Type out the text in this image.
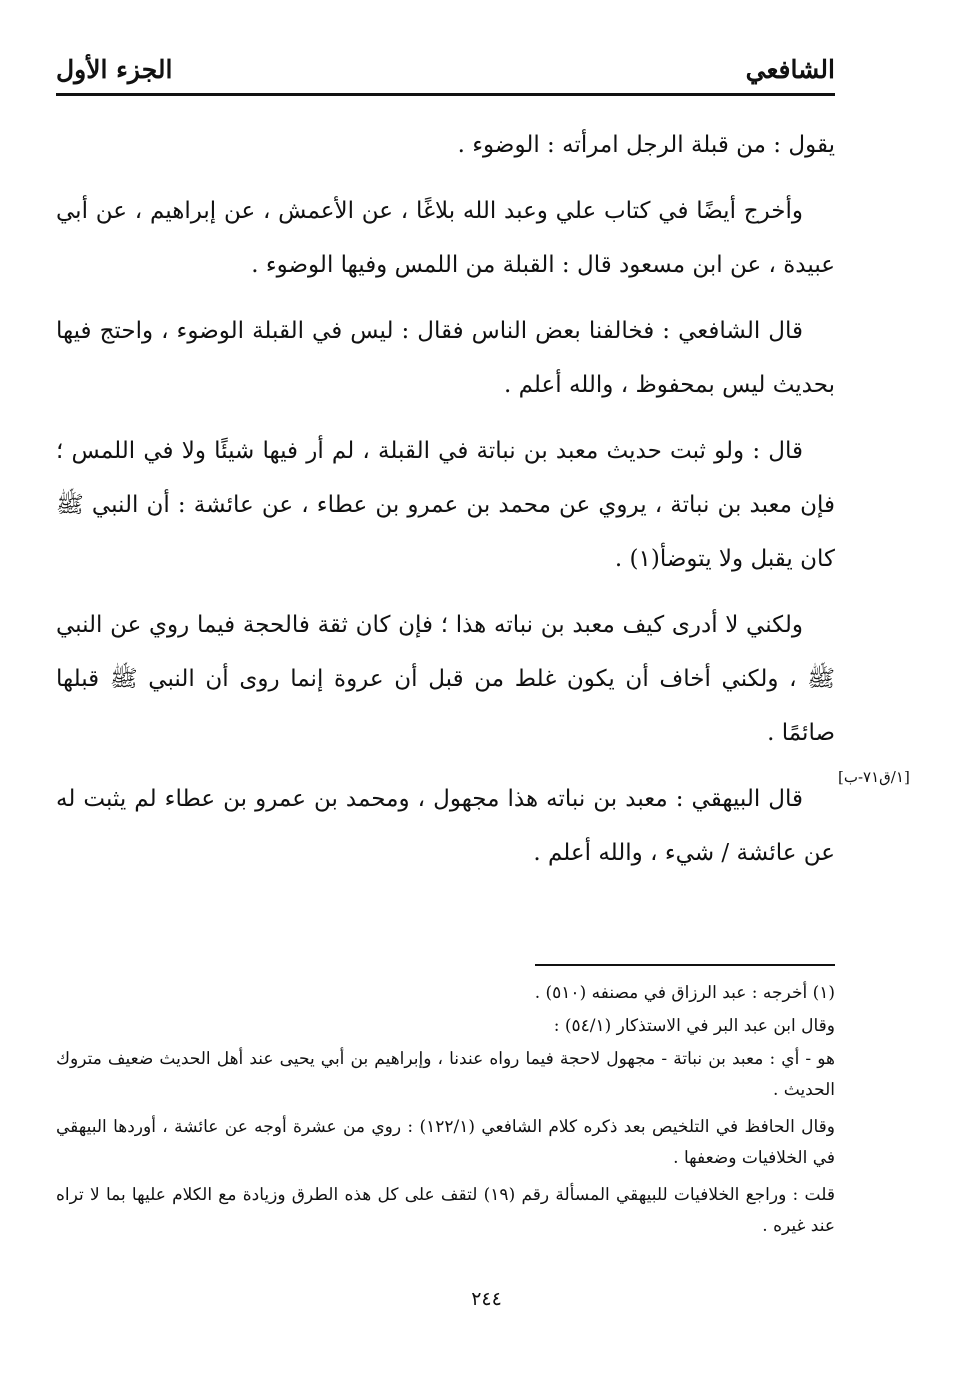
الشافعي
الجزء الأول

يقول : من قبلة الرجل امرأته : الوضوء .

وأخرج أيضًا في كتاب علي وعبد الله بلاغًا ، عن الأعمش ، عن إبراهيم ، عن أبي عبيدة ، عن ابن مسعود قال : القبلة من اللمس وفيها الوضوء .

قال الشافعي : فخالفنا بعض الناس فقال : ليس في القبلة الوضوء ، واحتج فيها بحديث ليس بمحفوظ ، والله أعلم .

قال : ولو ثبت حديث معبد بن نباتة في القبلة ، لم أر فيها شيئًا ولا في اللمس ؛ فإن معبد بن نباتة ، يروي عن محمد بن عمرو بن عطاء ، عن عائشة : أن النبي ﷺ كان يقبل ولا يتوضأ(١) .

ولكني لا أدرى كيف معبد بن نباته هذا ؛ فإن كان ثقة فالحجة فيما روي عن النبي ﷺ ، ولكني أخاف أن يكون غلط من قبل أن عروة إنما روى أن النبي ﷺ قبلها صائمًا .

قال البيهقي : معبد بن نباته هذا مجهول ، ومحمد بن عمرو بن عطاء لم يثبت له عن عائشة / شيء ، والله أعلم .

[١/ق٧١-ب]

(١) أخرجه : عبد الرزاق في مصنفه (٥١٠) .

وقال ابن عبد البر في الاستذكار (٥٤/١) :

هو - أي : معبد بن نباتة - مجهول لاحجة فيما رواه عندنا ، وإبراهيم بن أبي يحيى عند أهل الحديث ضعيف متروك الحديث .

وقال الحافظ في التلخيص بعد ذكره كلام الشافعي (١٢٢/١) : روي من عشرة أوجه عن عائشة ، أوردها البيهقي في الخلافيات وضعفها .

قلت : وراجع الخلافيات للبيهقي المسألة رقم (١٩) لتقف على كل هذه الطرق وزيادة مع الكلام عليها بما لا تراه عند غيره .

٢٤٤
